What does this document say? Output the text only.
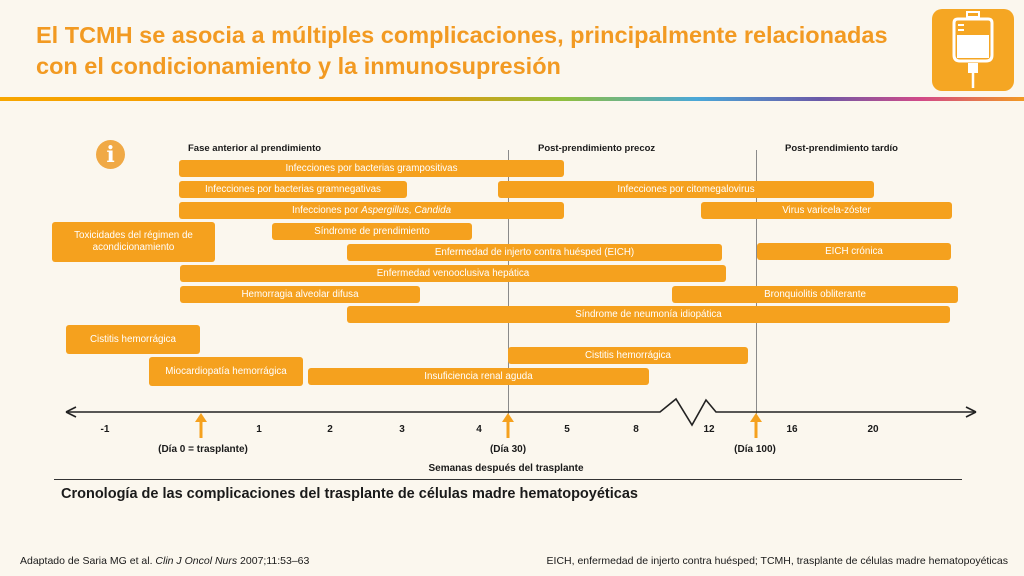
El TCMH se asocia a múltiples complicaciones, principalmente relacionadas con el condicionamiento y la inmunosupresión
i	Fase anterior al prendimiento	Post-prendimiento precoz	Post-prendimiento tardío
Infecciones por bacterias grampositivas
Infecciones por bacterias gramnegativas	Infecciones por citomegalovirus
Infecciones por Aspergillus, Candida	Virus varicela-zóster
Toxicidades del régimen de acondicionamiento
Síndrome de prendimiento
Enfermedad de injerto contra huésped (EICH)	EICH crónica
Enfermedad venooclusiva hepática
Hemorragia alveolar difusa	Bronquiolitis obliterante
Síndrome de neumonía idiopática
Cistitis hemorrágica
Cistitis hemorrágica
Miocardiopatía hemorrágica	Insuficiencia renal aguda
-1	1	2	3	4	5	8	12	16	20
(Día 0 = trasplante)	(Día 30)	(Día 100)
Semanas después del trasplante
Cronología de las complicaciones del trasplante de células madre hematopoyéticas
Adaptado de Saria MG et al. Clin J Oncol Nurs 2007;11:53–63	EICH, enfermedad de injerto contra huésped; TCMH, trasplante de células madre hematopoyéticas
